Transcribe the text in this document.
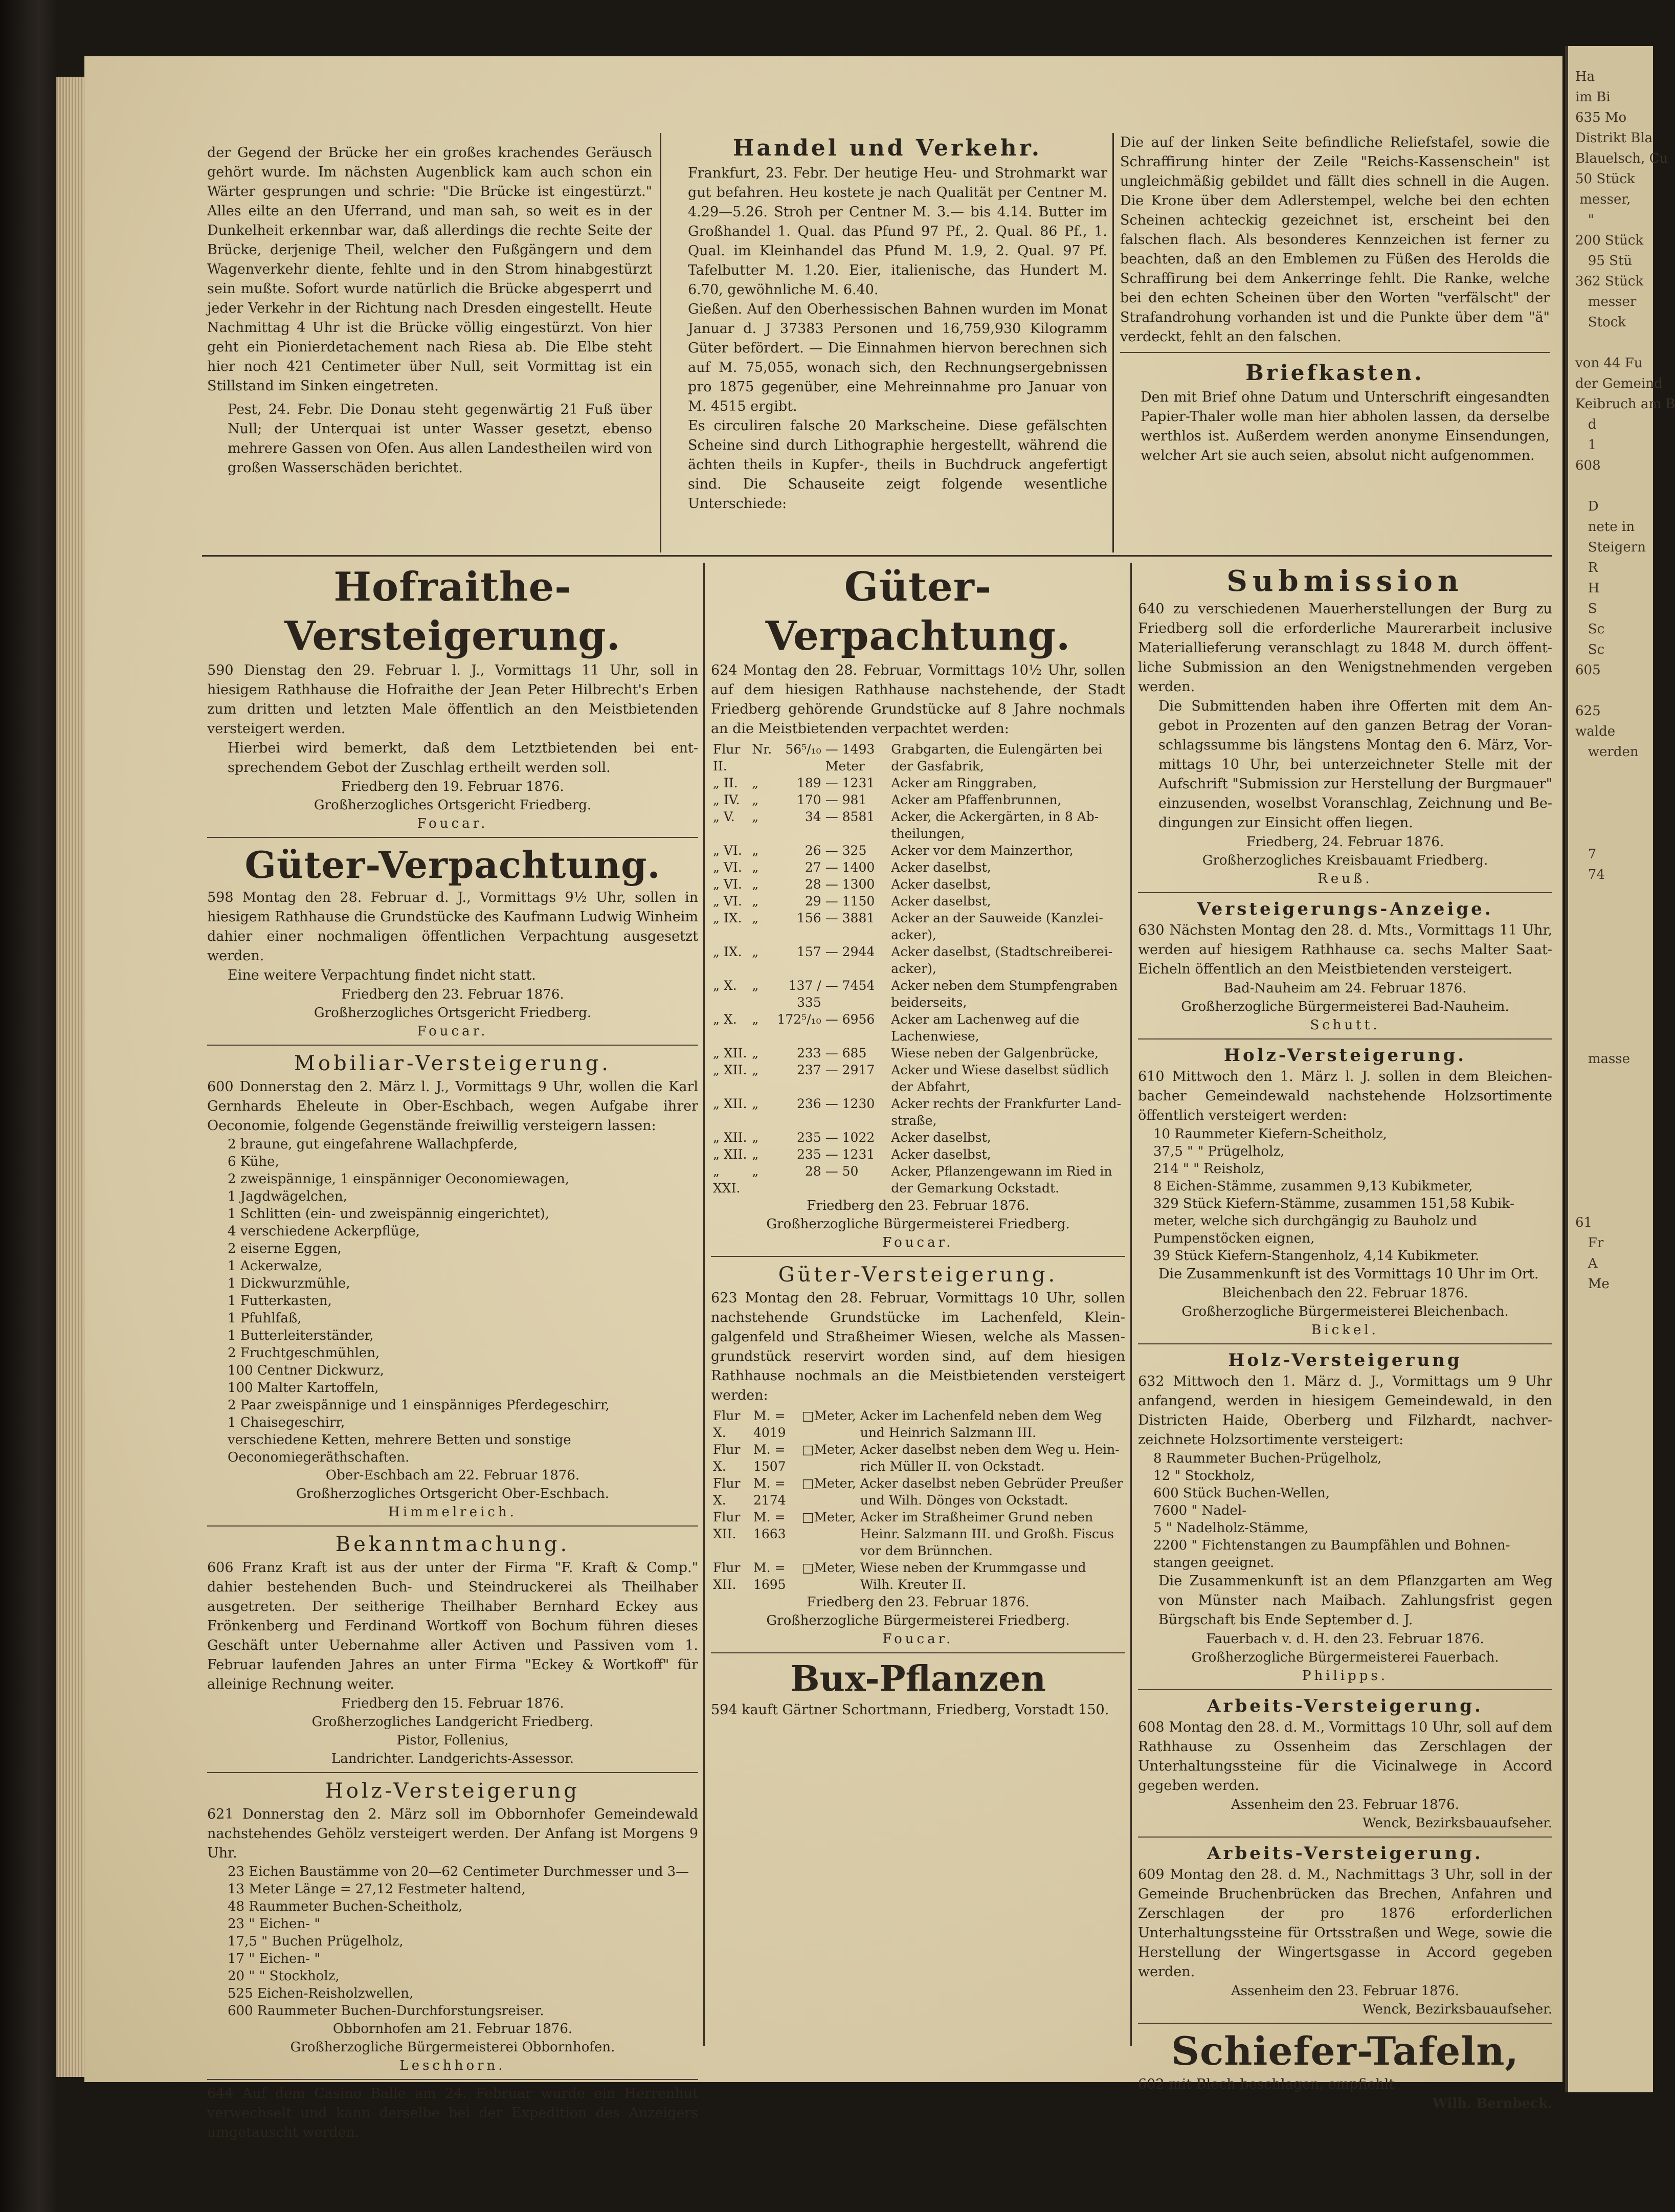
der Gegend der Brücke her ein großes krachendes Geräusch gehört wurde. Im nächsten Augenblick kam auch schon ein Wärter gesprungen und schrie: "Die Brücke ist eingestürzt." Alles eilte an den Uferrand, und man sah, so weit es in der Dunkelheit erkennbar war, daß allerdings die rechte Seite der Brücke, derjenige Theil, welcher den Fußgängern und dem Wagenverkehr diente, fehlte und in den Strom hinabgestürzt sein mußte. Sofort wurde natürlich die Brücke abgesperrt und jeder Verkehr in der Richtung nach Dresden eingestellt. Heute Nachmittag 4 Uhr ist die Brücke völlig eingestürzt. Von hier geht ein Pionierdetachement nach Riesa ab. Die Elbe steht hier noch 421 Centimeter über Null, seit Vormittag ist ein Stillstand im Sinken eingetreten.

Pest, 24. Febr. Die Donau steht gegenwärtig 21 Fuß über Null; der Unterquai ist unter Wasser gesetzt, ebenso mehrere Gassen von Ofen. Aus allen Landestheilen wird von großen Wasserschäden berichtet.

Handel und Verkehr.

Frankfurt, 23. Febr. Der heutige Heu- und Strohmarkt war gut befahren. Heu kostete je nach Qualität per Centner M. 4.29—5.26. Stroh per Centner M. 3.— bis 4.14. Butter im Großhandel 1. Qual. das Pfund 97 Pf., 2. Qual. 86 Pf., 1. Qual. im Kleinhandel das Pfund M. 1.9, 2. Qual. 97 Pf. Tafelbutter M. 1.20. Eier, italienische, das Hundert M. 6.70, gewöhnliche M. 6.40.

Gießen. Auf den Oberhessischen Bahnen wurden im Monat Januar d. J 37383 Personen und 16,759,930 Kilogramm Güter befördert. — Die Einnahmen hiervon berechnen sich auf M. 75,055, wonach sich, den Rechnungsergebnissen pro 1875 gegenüber, eine Mehreinnahme pro Januar von M. 4515 ergibt.

Es circuliren falsche 20 Markscheine. Diese gefälschten Scheine sind durch Lithographie hergestellt, während die ächten theils in Kupfer-, theils in Buchdruck angefertigt sind. Die Schauseite zeigt folgende wesentliche Unterschiede:

Die auf der linken Seite befindliche Reliefstafel, sowie die Schraffirung hinter der Zeile "Reichs-Kassenschein" ist ungleichmäßig gebildet und fällt dies schnell in die Augen. Die Krone über dem Adlerstempel, welche bei den echten Scheinen achteckig gezeichnet ist, erscheint bei den falschen flach. Als besonderes Kennzeichen ist ferner zu beachten, daß an den Emblemen zu Füßen des Herolds die Schraffirung bei dem Ankerringe fehlt. Die Ranke, welche bei den echten Scheinen über den Worten "verfälscht" der Strafandrohung vorhanden ist und die Punkte über dem "ä" verdeckt, fehlt an den falschen.

Briefkasten.

Den mit Brief ohne Datum und Unterschrift eingesandten Papier-Thaler wolle man hier abholen lassen, da derselbe werthlos ist. Außerdem werden anonyme Einsendungen, welcher Art sie auch seien, absolut nicht aufgenommen.

Hofraithe-Versteigerung.

590 Dienstag den 29. Februar l. J., Vormittags 11 Uhr, soll in hiesigem Rathhause die Hofraithe der Jean Peter Hilbrecht's Erben zum dritten und letzten Male öffentlich an den Meistbietenden versteigert werden.

Hierbei wird bemerkt, daß dem Letztbietenden bei entsprechendem Gebot der Zuschlag ertheilt werden soll.

Friedberg den 19. Februar 1876.

Großherzogliches Ortsgericht Friedberg.

Foucar.

Güter-Verpachtung.

598 Montag den 28. Februar d. J., Vormittags 9½ Uhr, sollen in hiesigem Rathhause die Grundstücke des Kaufmann Ludwig Winheim dahier einer nochmaligen öffentlichen Verpachtung ausgesetzt werden.

Eine weitere Verpachtung findet nicht statt.

Friedberg den 23. Februar 1876.

Großherzogliches Ortsgericht Friedberg.

Foucar.

Mobiliar-Versteigerung.

600 Donnerstag den 2. März l. J., Vormittags 9 Uhr, wollen die Karl Gernhards Eheleute in Ober-Eschbach, wegen Aufgabe ihrer Oeconomie, folgende Gegenstände freiwillig versteigern lassen:

2 braune, gut eingefahrene Wallachpferde,
6 Kühe,
2 zweispännige, 1 einspänniger Oeconomiewagen,
1 Jagdwägelchen,
1 Schlitten (ein- und zweispännig eingerichtet),
4 verschiedene Ackerpflüge,
2 eiserne Eggen,
1 Ackerwalze,
1 Dickwurzmühle,
1 Futterkasten,
1 Pfuhlfaß,
1 Butterleiterständer,
2 Fruchtgeschmühlen,
100 Centner Dickwurz,
100 Malter Kartoffeln,
2 Paar zweispännige und 1 einspänniges Pferdegeschirr,
1 Chaisegeschirr,
verschiedene Ketten, mehrere Betten und sonstige Oeconomiegeräthschaften.

Ober-Eschbach am 22. Februar 1876.

Großherzogliches Ortsgericht Ober-Eschbach.

Himmelreich.

Bekanntmachung.

606 Franz Kraft ist aus der unter der Firma "F. Kraft & Comp." dahier bestehenden Buch- und Steindruckerei als Theilhaber ausgetreten. Der seitherige Theilhaber Bernhard Eckey aus Frönkenberg und Ferdinand Wortkoff von Bochum führen dieses Geschäft unter Uebernahme aller Activen und Passiven vom 1. Februar laufenden Jahres an unter Firma "Eckey & Wortkoff" für alleinige Rechnung weiter.

Friedberg den 15. Februar 1876.

Großherzogliches Landgericht Friedberg.

Pistor, Follenius,

Landrichter. Landgerichts-Assessor.

Holz-Versteigerung

621 Donnerstag den 2. März soll im Obbornhofer Gemeindewald nachstehendes Gehölz versteigert werden. Der Anfang ist Morgens 9 Uhr.

23 Eichen Baustämme von 20—62 Centimeter Durchmesser und 3—13 Meter Länge = 27,12 Festmeter haltend,
48 Raummeter Buchen-Scheitholz,
23 " Eichen- "
17,5 " Buchen Prügelholz,
17 " Eichen- "
20 " " Stockholz,
525 Eichen-Reisholzwellen,
600 Raummeter Buchen-Durchforstungsreiser.

Obbornhofen am 21. Februar 1876.

Großherzogliche Bürgermeisterei Obbornhofen.

Leschhorn.

644 Auf dem Casino Balle am 24. Februar wurde ein Herrenhut verwechselt und kann derselbe bei der Expedition des Anzeigers umgetauscht werden.

Güter-Verpachtung.

624 Montag den 28. Februar, Vormittags 10½ Uhr, sollen auf dem hiesigen Rathhause nachstehende, der Stadt Friedberg gehörende Grundstücke auf 8 Jahre nochmals an die Meistbietenden verpachtet werden:

Flur II.	Nr.	56⁵/₁₀	— 1493 Meter	Grabgarten, die Eulengärten bei der Gasfabrik,
„ II.	„	189	— 1231	Acker am Ringgraben,
„ IV.	„	170	— 981	Acker am Pfaffenbrunnen,
„ V.	„	34	— 8581	Acker, die Ackergärten, in 8 Abtheilungen,
„ VI.	„	26	— 325	Acker vor dem Mainzerthor,
„ VI.	„	27	— 1400	Acker daselbst,
„ VI.	„	28	— 1300	Acker daselbst,
„ VI.	„	29	— 1150	Acker daselbst,
„ IX.	„	156	— 3881	Acker an der Sauweide (Kanzleiacker),
„ IX.	„	157	— 2944	Acker daselbst, (Stadtschreibereiacker),
„ X.	„	137 / 335	— 7454	Acker neben dem Stumpfengraben beiderseits,
„ X.	„	172⁵/₁₀	— 6956	Acker am Lachenweg auf die Lachenwiese,
„ XII.	„	233	— 685	Wiese neben der Galgenbrücke,
„ XII.	„	237	— 2917	Acker und Wiese daselbst südlich der Abfahrt,
„ XII.	„	236	— 1230	Acker rechts der Frankfurter Landstraße,
„ XII.	„	235	— 1022	Acker daselbst,
„ XII.	„	235	— 1231	Acker daselbst,
„ XXI.	„	28	— 50	Acker, Pflanzengewann im Ried in der Gemarkung Ockstadt.

Friedberg den 23. Februar 1876.

Großherzogliche Bürgermeisterei Friedberg.

Foucar.

Güter-Versteigerung.

623 Montag den 28. Februar, Vormittags 10 Uhr, sollen nachstehende Grundstücke im Lachenfeld, Kleingalgenfeld und Straßheimer Wiesen, welche als Massengrundstück reservirt worden sind, auf dem hiesigen Rathhause nochmals an die Meistbietenden versteigert werden:

Flur X.	M. = 4019	□Meter,	Acker im Lachenfeld neben dem Weg und Heinrich Salzmann III.
Flur X.	M. = 1507	□Meter,	Acker daselbst neben dem Weg u. Heinrich Müller II. von Ockstadt.
Flur X.	M. = 2174	□Meter,	Acker daselbst neben Gebrüder Preußer und Wilh. Dönges von Ockstadt.
Flur XII.	M. = 1663	□Meter,	Acker im Straßheimer Grund neben Heinr. Salzmann III. und Großh. Fiscus vor dem Brünnchen.
Flur XII.	M. = 1695	□Meter,	Wiese neben der Krummgasse und Wilh. Kreuter II.

Friedberg den 23. Februar 1876.

Großherzogliche Bürgermeisterei Friedberg.

Foucar.

Bux-Pflanzen

594 kauft Gärtner Schortmann, Friedberg, Vorstadt 150.

Submission

640 zu verschiedenen Mauerherstellungen der Burg zu Friedberg soll die erforderliche Maurerarbeit inclusive Materiallieferung veranschlagt zu 1848 M. durch öffentliche Submission an den Wenigstnehmenden vergeben werden.

Die Submittenden haben ihre Offerten mit dem Angebot in Prozenten auf den ganzen Betrag der Voranschlagssumme bis längstens Montag den 6. März, Vormittags 10 Uhr, bei unterzeichneter Stelle mit der Aufschrift "Submission zur Herstellung der Burgmauer" einzusenden, woselbst Voranschlag, Zeichnung und Bedingungen zur Einsicht offen liegen.

Friedberg, 24. Februar 1876.

Großherzogliches Kreisbauamt Friedberg.

Reuß.

Versteigerungs-Anzeige.

630 Nächsten Montag den 28. d. Mts., Vormittags 11 Uhr, werden auf hiesigem Rathhause ca. sechs Malter Saat-Eicheln öffentlich an den Meistbietenden versteigert.

Bad-Nauheim am 24. Februar 1876.

Großherzogliche Bürgermeisterei Bad-Nauheim.

Schutt.

Holz-Versteigerung.

610 Mittwoch den 1. März l. J. sollen in dem Bleichenbacher Gemeindewald nachstehende Holzsortimente öffentlich versteigert werden:

10 Raummeter Kiefern-Scheitholz,
37,5 " " Prügelholz,
214 " " Reisholz,
8 Eichen-Stämme, zusammen 9,13 Kubikmeter,
329 Stück Kiefern-Stämme, zusammen 151,58 Kubikmeter, welche sich durchgängig zu Bauholz und Pumpenstöcken eignen,
39 Stück Kiefern-Stangenholz, 4,14 Kubikmeter.

Die Zusammenkunft ist des Vormittags 10 Uhr im Ort.

Bleichenbach den 22. Februar 1876.

Großherzogliche Bürgermeisterei Bleichenbach.

Bickel.

Holz-Versteigerung

632 Mittwoch den 1. März d. J., Vormittags um 9 Uhr anfangend, werden in hiesigem Gemeindewald, in den Districten Haide, Oberberg und Filzhardt, nachverzeichnete Holzsortimente versteigert:

8 Raummeter Buchen-Prügelholz,
12 " Stockholz,
600 Stück Buchen-Wellen,
7600 " Nadel-
5 " Nadelholz-Stämme,
2200 " Fichtenstangen zu Baumpfählen und Bohnenstangen geeignet.

Die Zusammenkunft ist an dem Pflanzgarten am Weg von Münster nach Maibach. Zahlungsfrist gegen Bürgschaft bis Ende September d. J.

Fauerbach v. d. H. den 23. Februar 1876.

Großherzogliche Bürgermeisterei Fauerbach.

Philipps.

Arbeits-Versteigerung.

608 Montag den 28. d. M., Vormittags 10 Uhr, soll auf dem Rathhause zu Ossenheim das Zerschlagen der Unterhaltungssteine für die Vicinalwege in Accord gegeben werden.

Assenheim den 23. Februar 1876.

Wenck, Bezirksbauaufseher.

Arbeits-Versteigerung.

609 Montag den 28. d. M., Nachmittags 3 Uhr, soll in der Gemeinde Bruchenbrücken das Brechen, Anfahren und Zerschlagen der pro 1876 erforderlichen Unterhaltungssteine für Ortsstraßen und Wege, sowie die Herstellung der Wingertsgasse in Accord gegeben werden.

Assenheim den 23. Februar 1876.

Wenck, Bezirksbauaufseher.

Schiefer-Tafeln,

602 mit Blech beschlagen, empfiehlt

Wilh. Bernbeck.

Ha
im Bi
635 Mo
Distrikt Bla
Blauelsch, Cu
50 Stück
messer,
"
200 Stück
95 Stü
362 Stück
messer
Stock

von 44 Fu
der Gemeind
Keibruch am B
d
1
608

D
nete in
Steigern
R
H
S
Sc
Sc
605

625
walde
werden

7
74

masse

61
Fr
A
Me
